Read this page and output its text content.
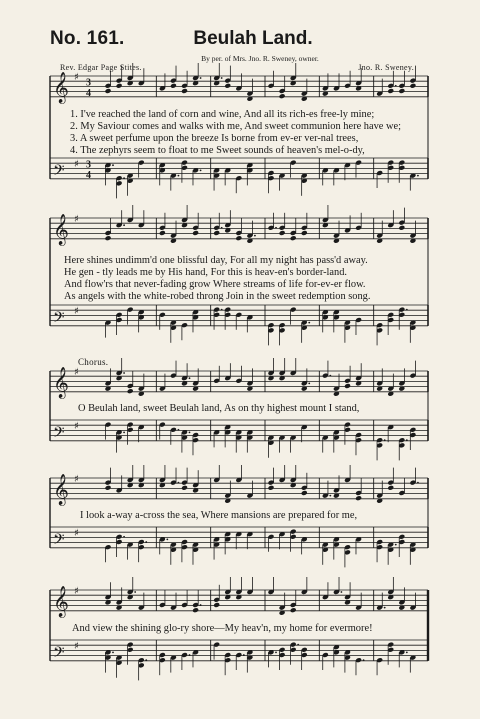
No. 161.	Beulah Land.
By per. of Mrs. Jno. R. Sweney, owner.
Rev. Edgar Page Stites.	Jno. R. Sweney.
♯
𝄞
♯
𝄢
3
4
3
4
♯
𝄞
♯
𝄢
♯
𝄞
♯
𝄢
♯
𝄞
♯
𝄢
♯
𝄞
♯
𝄢
1. I've reached the land of corn and wine, And all its rich-es free-ly mine;
2. My Saviour comes and walks with me, And sweet communion here have we;
3. A sweet perfume upon the breeze Is borne from ev-er ver-nal trees,
4. The zephyrs seem to float to me Sweet sounds of heaven's mel-o-dy,
Here shines undimm'd one blissful day, For all my night has pass'd away.
He gen - tly leads me by His hand, For this is heav-en's border-land.
And flow'rs that never-fading grow Where streams of life for-ev-er flow.
As angels with the white-robed throng Join in the sweet redemption song.
Chorus.
O Beulah land, sweet Beulah land, As on thy highest mount I stand,
I look a-way a-cross the sea, Where mansions are prepared for me,
And view the shining glo-ry shore—My heav'n, my home for evermore!
